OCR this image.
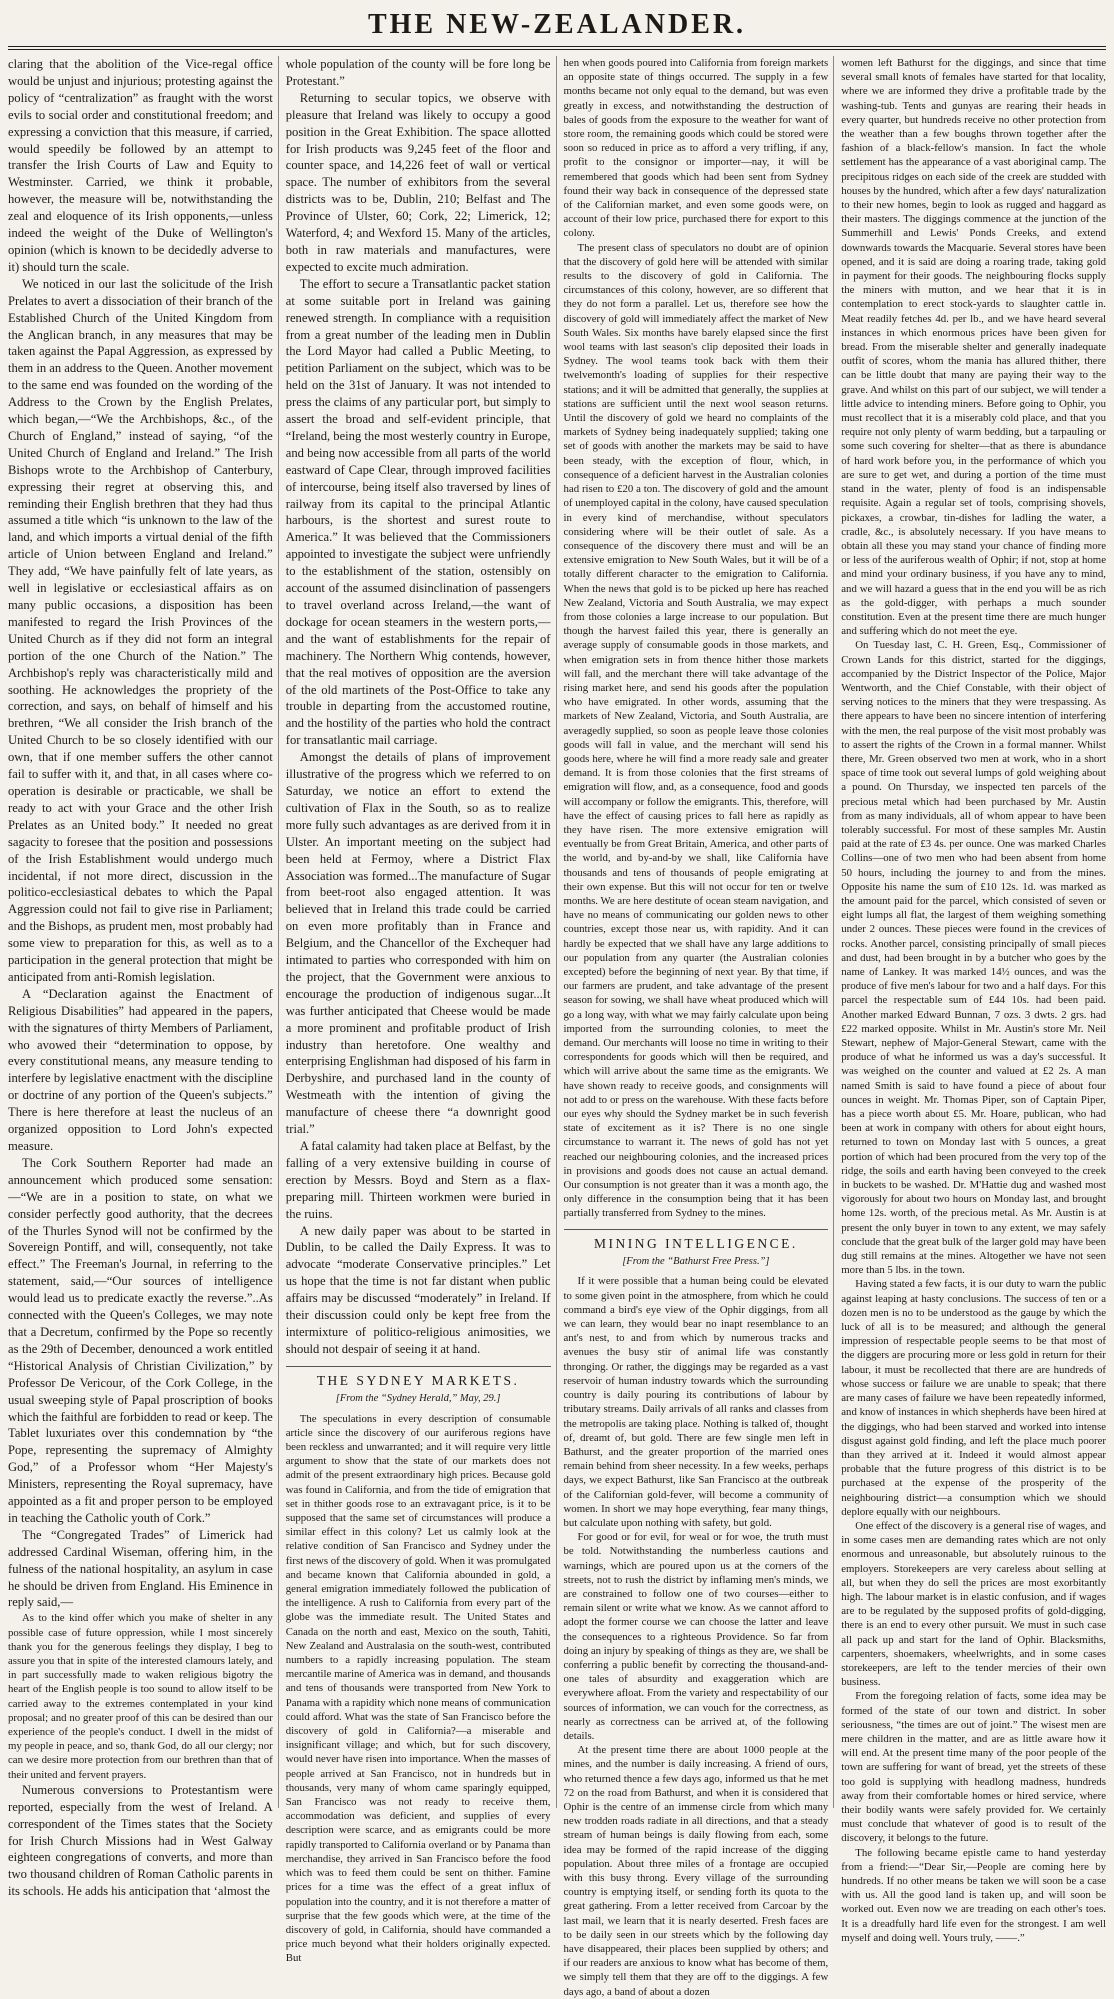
THE NEW-ZEALANDER.

claring that the abolition of the Vice-regal office would be unjust and injurious; protesting against the policy of “centralization” as fraught with the worst evils to social order and constitutional freedom; and expressing a conviction that this measure, if carried, would speedily be followed by an attempt to transfer the Irish Courts of Law and Equity to Westminster. Carried, we think it probable, however, the measure will be, notwithstanding the zeal and eloquence of its Irish opponents,—unless indeed the weight of the Duke of Wellington's opinion (which is known to be decidedly adverse to it) should turn the scale.

We noticed in our last the solicitude of the Irish Prelates to avert a dissociation of their branch of the Established Church of the United Kingdom from the Anglican branch, in any measures that may be taken against the Papal Aggression, as expressed by them in an address to the Queen. Another movement to the same end was founded on the wording of the Address to the Crown by the English Prelates, which began,—“We the Archbishops, &c., of the Church of England,” instead of saying, “of the United Church of England and Ireland.” The Irish Bishops wrote to the Archbishop of Canterbury, expressing their regret at observing this, and reminding their English brethren that they had thus assumed a title which “is unknown to the law of the land, and which imports a virtual denial of the fifth article of Union between England and Ireland.” They add, “We have painfully felt of late years, as well in legislative or ecclesiastical affairs as on many public occasions, a disposition has been manifested to regard the Irish Provinces of the United Church as if they did not form an integral portion of the one Church of the Nation.” The Archbishop's reply was characteristically mild and soothing. He acknowledges the propriety of the correction, and says, on behalf of himself and his brethren, “We all consider the Irish branch of the United Church to be so closely identified with our own, that if one member suffers the other cannot fail to suffer with it, and that, in all cases where co-operation is desirable or practicable, we shall be ready to act with your Grace and the other Irish Prelates as an United body.” It needed no great sagacity to foresee that the position and possessions of the Irish Establishment would undergo much incidental, if not more direct, discussion in the politico-ecclesiastical debates to which the Papal Aggression could not fail to give rise in Parliament; and the Bishops, as prudent men, most probably had some view to preparation for this, as well as to a participation in the general protection that might be anticipated from anti-Romish legislation.

A “Declaration against the Enactment of Religious Disabilities” had appeared in the papers, with the signatures of thirty Members of Parliament, who avowed their “determination to oppose, by every constitutional means, any measure tending to interfere by legislative enactment with the discipline or doctrine of any portion of the Queen's subjects.” There is here therefore at least the nucleus of an organized opposition to Lord John's expected measure.

The Cork Southern Reporter had made an announcement which produced some sensation:—“We are in a position to state, on what we consider perfectly good authority, that the decrees of the Thurles Synod will not be confirmed by the Sovereign Pontiff, and will, consequently, not take effect.” The Freeman's Journal, in referring to the statement, said,—“Our sources of intelligence would lead us to predicate exactly the reverse.”..As connected with the Queen's Colleges, we may note that a Decretum, confirmed by the Pope so recently as the 29th of December, denounced a work entitled “Historical Analysis of Christian Civilization,” by Professor De Vericour, of the Cork College, in the usual sweeping style of Papal proscription of books which the faithful are forbidden to read or keep. The Tablet luxuriates over this condemnation by “the Pope, representing the supremacy of Almighty God,” of a Professor whom “Her Majesty's Ministers, representing the Royal supremacy, have appointed as a fit and proper person to be employed in teaching the Catholic youth of Cork.”

The “Congregated Trades” of Limerick had addressed Cardinal Wiseman, offering him, in the fulness of the national hospitality, an asylum in case he should be driven from England. His Eminence in reply said,—

As to the kind offer which you make of shelter in any possible case of future oppression, while I most sincerely thank you for the generous feelings they display, I beg to assure you that in spite of the interested clamours lately, and in part successfully made to waken religious bigotry the heart of the English people is too sound to allow itself to be carried away to the extremes contemplated in your kind proposal; and no greater proof of this can be desired than our experience of the people's conduct. I dwell in the midst of my people in peace, and so, thank God, do all our clergy; nor can we desire more protection from our brethren than that of their united and fervent prayers.

Numerous conversions to Protestantism were reported, especially from the west of Ireland. A correspondent of the Times states that the Society for Irish Church Missions had in West Galway eighteen congregations of converts, and more than two thousand children of Roman Catholic parents in its schools. He adds his anticipation that ‘almost the

whole population of the county will be fore long be Protestant.”

Returning to secular topics, we observe with pleasure that Ireland was likely to occupy a good position in the Great Exhibition. The space allotted for Irish products was 9,245 feet of the floor and counter space, and 14,226 feet of wall or vertical space. The number of exhibitors from the several districts was to be, Dublin, 210; Belfast and The Province of Ulster, 60; Cork, 22; Limerick, 12; Waterford, 4; and Wexford 15. Many of the articles, both in raw materials and manufactures, were expected to excite much admiration.

The effort to secure a Transatlantic packet station at some suitable port in Ireland was gaining renewed strength. In compliance with a requisition from a great number of the leading men in Dublin the Lord Mayor had called a Public Meeting, to petition Parliament on the subject, which was to be held on the 31st of January. It was not intended to press the claims of any particular port, but simply to assert the broad and self-evident principle, that “Ireland, being the most westerly country in Europe, and being now accessible from all parts of the world eastward of Cape Clear, through improved facilities of intercourse, being itself also traversed by lines of railway from its capital to the principal Atlantic harbours, is the shortest and surest route to America.” It was believed that the Commissioners appointed to investigate the subject were unfriendly to the establishment of the station, ostensibly on account of the assumed disinclination of passengers to travel overland across Ireland,—the want of dockage for ocean steamers in the western ports,—and the want of establishments for the repair of machinery. The Northern Whig contends, however, that the real motives of opposition are the aversion of the old martinets of the Post-Office to take any trouble in departing from the accustomed routine, and the hostility of the parties who hold the contract for transatlantic mail carriage.

Amongst the details of plans of improvement illustrative of the progress which we referred to on Saturday, we notice an effort to extend the cultivation of Flax in the South, so as to realize more fully such advantages as are derived from it in Ulster. An important meeting on the subject had been held at Fermoy, where a District Flax Association was formed...The manufacture of Sugar from beet-root also engaged attention. It was believed that in Ireland this trade could be carried on even more profitably than in France and Belgium, and the Chancellor of the Exchequer had intimated to parties who corresponded with him on the project, that the Government were anxious to encourage the production of indigenous sugar...It was further anticipated that Cheese would be made a more prominent and profitable product of Irish industry than heretofore. One wealthy and enterprising Englishman had disposed of his farm in Derbyshire, and purchased land in the county of Westmeath with the intention of giving the manufacture of cheese there “a downright good trial.”

A fatal calamity had taken place at Belfast, by the falling of a very extensive building in course of erection by Messrs. Boyd and Stern as a flax-preparing mill. Thirteen workmen were buried in the ruins.

A new daily paper was about to be started in Dublin, to be called the Daily Express. It was to advocate “moderate Conservative principles.” Let us hope that the time is not far distant when public affairs may be discussed “moderately” in Ireland. If their discussion could only be kept free from the intermixture of politico-religious animosities, we should not despair of seeing it at hand.

THE SYDNEY MARKETS.
[From the “Sydney Herald,” May, 29.]

The speculations in every description of consumable article since the discovery of our auriferous regions have been reckless and unwarranted; and it will require very little argument to show that the state of our markets does not admit of the present extraordinary high prices. Because gold was found in California, and from the tide of emigration that set in thither goods rose to an extravagant price, is it to be supposed that the same set of circumstances will produce a similar effect in this colony? Let us calmly look at the relative condition of San Francisco and Sydney under the first news of the discovery of gold. When it was promulgated and became known that California abounded in gold, a general emigration immediately followed the publication of the intelligence. A rush to California from every part of the globe was the immediate result. The United States and Canada on the north and east, Mexico on the south, Tahiti, New Zealand and Australasia on the south-west, contributed numbers to a rapidly increasing population. The steam mercantile marine of America was in demand, and thousands and tens of thousands were transported from New York to Panama with a rapidity which none means of communication could afford. What was the state of San Francisco before the discovery of gold in California?—a miserable and insignificant village; and which, but for such discovery, would never have risen into importance. When the masses of people arrived at San Francisco, not in hundreds but in thousands, very many of whom came sparingly equipped, San Francisco was not ready to receive them, accommodation was deficient, and supplies of every description were scarce, and as emigrants could be more rapidly transported to California overland or by Panama than merchandise, they arrived in San Francisco before the food which was to feed them could be sent on thither. Famine prices for a time was the effect of a great influx of population into the country, and it is not therefore a matter of surprise that the few goods which were, at the time of the discovery of gold, in California, should have commanded a price much beyond what their holders originally expected. But

hen when goods poured into California from foreign markets an opposite state of things occurred. The supply in a few months became not only equal to the demand, but was even greatly in excess, and notwithstanding the destruction of bales of goods from the exposure to the weather for want of store room, the remaining goods which could be stored were soon so reduced in price as to afford a very trifling, if any, profit to the consignor or importer—nay, it will be remembered that goods which had been sent from Sydney found their way back in consequence of the depressed state of the Californian market, and even some goods were, on account of their low price, purchased there for export to this colony.

The present class of speculators no doubt are of opinion that the discovery of gold here will be attended with similar results to the discovery of gold in California. The circumstances of this colony, however, are so different that they do not form a parallel. Let us, therefore see how the discovery of gold will immediately affect the market of New South Wales. Six months have barely elapsed since the first wool teams with last season's clip deposited their loads in Sydney. The wool teams took back with them their twelvemonth's loading of supplies for their respective stations; and it will be admitted that generally, the supplies at stations are sufficient until the next wool season returns. Until the discovery of gold we heard no complaints of the markets of Sydney being inadequately supplied; taking one set of goods with another the markets may be said to have been steady, with the exception of flour, which, in consequence of a deficient harvest in the Australian colonies had risen to £20 a ton. The discovery of gold and the amount of unemployed capital in the colony, have caused speculation in every kind of merchandise, without speculators considering where will be their outlet of sale. As a consequence of the discovery there must and will be an extensive emigration to New South Wales, but it will be of a totally different character to the emigration to California. When the news that gold is to be picked up here has reached New Zealand, Victoria and South Australia, we may expect from those colonies a large increase to our population. But though the harvest failed this year, there is generally an average supply of consumable goods in those markets, and when emigration sets in from thence hither those markets will fall, and the merchant there will take advantage of the rising market here, and send his goods after the population who have emigrated. In other words, assuming that the markets of New Zealand, Victoria, and South Australia, are averagedly supplied, so soon as people leave those colonies goods will fall in value, and the merchant will send his goods here, where he will find a more ready sale and greater demand. It is from those colonies that the first streams of emigration will flow, and, as a consequence, food and goods will accompany or follow the emigrants. This, therefore, will have the effect of causing prices to fall here as rapidly as they have risen. The more extensive emigration will eventually be from Great Britain, America, and other parts of the world, and by-and-by we shall, like California have thousands and tens of thousands of people emigrating at their own expense. But this will not occur for ten or twelve months. We are here destitute of ocean steam navigation, and have no means of communicating our golden news to other countries, except those near us, with rapidity. And it can hardly be expected that we shall have any large additions to our population from any quarter (the Australian colonies excepted) before the beginning of next year. By that time, if our farmers are prudent, and take advantage of the present season for sowing, we shall have wheat produced which will go a long way, with what we may fairly calculate upon being imported from the surrounding colonies, to meet the demand. Our merchants will loose no time in writing to their correspondents for goods which will then be required, and which will arrive about the same time as the emigrants. We have shown ready to receive goods, and consignments will not add to or press on the warehouse. With these facts before our eyes why should the Sydney market be in such feverish state of excitement as it is? There is no one single circumstance to warrant it. The news of gold has not yet reached our neighbouring colonies, and the increased prices in provisions and goods does not cause an actual demand. Our consumption is not greater than it was a month ago, the only difference in the consumption being that it has been partially transferred from Sydney to the mines.

MINING INTELLIGENCE.
[From the “Bathurst Free Press.”]

If it were possible that a human being could be elevated to some given point in the atmosphere, from which he could command a bird's eye view of the Ophir diggings, from all we can learn, they would bear no inapt resemblance to an ant's nest, to and from which by numerous tracks and avenues the busy stir of animal life was constantly thronging. Or rather, the diggings may be regarded as a vast reservoir of human industry towards which the surrounding country is daily pouring its contributions of labour by tributary streams. Daily arrivals of all ranks and classes from the metropolis are taking place. Nothing is talked of, thought of, dreamt of, but gold. There are few single men left in Bathurst, and the greater proportion of the married ones remain behind from sheer necessity. In a few weeks, perhaps days, we expect Bathurst, like San Francisco at the outbreak of the Californian gold-fever, will become a community of women. In short we may hope everything, fear many things, but calculate upon nothing with safety, but gold.

For good or for evil, for weal or for woe, the truth must be told. Notwithstanding the numberless cautions and warnings, which are poured upon us at the corners of the streets, not to rush the district by inflaming men's minds, we are constrained to follow one of two courses—either to remain silent or write what we know. As we cannot afford to adopt the former course we can choose the latter and leave the consequences to a righteous Providence. So far from doing an injury by speaking of things as they are, we shall be conferring a public benefit by correcting the thousand-and-one tales of absurdity and exaggeration which are everywhere afloat. From the variety and respectability of our sources of information, we can vouch for the correctness, as nearly as correctness can be arrived at, of the following details.

At the present time there are about 1000 people at the mines, and the number is daily increasing. A friend of ours, who returned thence a few days ago, informed us that he met 72 on the road from Bathurst, and when it is considered that Ophir is the centre of an immense circle from which many new trodden roads radiate in all directions, and that a steady stream of human beings is daily flowing from each, some idea may be formed of the rapid increase of the digging population. About three miles of a frontage are occupied with this busy throng. Every village of the surrounding country is emptying itself, or sending forth its quota to the great gathering. From a letter received from Carcoar by the last mail, we learn that it is nearly deserted. Fresh faces are to be daily seen in our streets which by the following day have disappeared, their places been supplied by others; and if our readers are anxious to know what has become of them, we simply tell them that they are off to the diggings. A few days ago, a band of about a dozen

women left Bathurst for the diggings, and since that time several small knots of females have started for that locality, where we are informed they drive a profitable trade by the washing-tub. Tents and gunyas are rearing their heads in every quarter, but hundreds receive no other protection from the weather than a few boughs thrown together after the fashion of a black-fellow's mansion. In fact the whole settlement has the appearance of a vast aboriginal camp. The precipitous ridges on each side of the creek are studded with houses by the hundred, which after a few days' naturalization to their new homes, begin to look as rugged and haggard as their masters. The diggings commence at the junction of the Summerhill and Lewis' Ponds Creeks, and extend downwards towards the Macquarie. Several stores have been opened, and it is said are doing a roaring trade, taking gold in payment for their goods. The neighbouring flocks supply the miners with mutton, and we hear that it is in contemplation to erect stock-yards to slaughter cattle in. Meat readily fetches 4d. per lb., and we have heard several instances in which enormous prices have been given for bread. From the miserable shelter and generally inadequate outfit of scores, whom the mania has allured thither, there can be little doubt that many are paying their way to the grave. And whilst on this part of our subject, we will tender a little advice to intending miners. Before going to Ophir, you must recollect that it is a miserably cold place, and that you require not only plenty of warm bedding, but a tarpauling or some such covering for shelter—that as there is abundance of hard work before you, in the performance of which you are sure to get wet, and during a portion of the time must stand in the water, plenty of food is an indispensable requisite. Again a regular set of tools, comprising shovels, pickaxes, a crowbar, tin-dishes for ladling the water, a cradle, &c., is absolutely necessary. If you have means to obtain all these you may stand your chance of finding more or less of the auriferous wealth of Ophir; if not, stop at home and mind your ordinary business, if you have any to mind, and we will hazard a guess that in the end you will be as rich as the gold-digger, with perhaps a much sounder constitution. Even at the present time there are much hunger and suffering which do not meet the eye.

On Tuesday last, C. H. Green, Esq., Commissioner of Crown Lands for this district, started for the diggings, accompanied by the District Inspector of the Police, Major Wentworth, and the Chief Constable, with their object of serving notices to the miners that they were trespassing. As there appears to have been no sincere intention of interfering with the men, the real purpose of the visit most probably was to assert the rights of the Crown in a formal manner. Whilst there, Mr. Green observed two men at work, who in a short space of time took out several lumps of gold weighing about a pound. On Thursday, we inspected ten parcels of the precious metal which had been purchased by Mr. Austin from as many individuals, all of whom appear to have been tolerably successful. For most of these samples Mr. Austin paid at the rate of £3 4s. per ounce. One was marked Charles Collins—one of two men who had been absent from home 50 hours, including the journey to and from the mines. Opposite his name the sum of £10 12s. 1d. was marked as the amount paid for the parcel, which consisted of seven or eight lumps all flat, the largest of them weighing something under 2 ounces. These pieces were found in the crevices of rocks. Another parcel, consisting principally of small pieces and dust, had been brought in by a butcher who goes by the name of Lankey. It was marked 14½ ounces, and was the produce of five men's labour for two and a half days. For this parcel the respectable sum of £44 10s. had been paid. Another marked Edward Bunnan, 7 ozs. 3 dwts. 2 grs. had £22 marked opposite. Whilst in Mr. Austin's store Mr. Neil Stewart, nephew of Major-General Stewart, came with the produce of what he informed us was a day's successful. It was weighed on the counter and valued at £2 2s. A man named Smith is said to have found a piece of about four ounces in weight. Mr. Thomas Piper, son of Captain Piper, has a piece worth about £5. Mr. Hoare, publican, who had been at work in company with others for about eight hours, returned to town on Monday last with 5 ounces, a great portion of which had been procured from the very top of the ridge, the soils and earth having been conveyed to the creek in buckets to be washed. Dr. M'Hattie dug and washed most vigorously for about two hours on Monday last, and brought home 12s. worth, of the precious metal. As Mr. Austin is at present the only buyer in town to any extent, we may safely conclude that the great bulk of the larger gold may have been dug still remains at the mines. Altogether we have not seen more than 5 lbs. in the town.

Having stated a few facts, it is our duty to warn the public against leaping at hasty conclusions. The success of ten or a dozen men is no to be understood as the gauge by which the luck of all is to be measured; and although the general impression of respectable people seems to be that most of the diggers are procuring more or less gold in return for their labour, it must be recollected that there are are hundreds of whose success or failure we are unable to speak; that there are many cases of failure we have been repeatedly informed, and know of instances in which shepherds have been hired at the diggings, who had been starved and worked into intense disgust against gold finding, and left the place much poorer than they arrived at it. Indeed it would almost appear probable that the future progress of this district is to be purchased at the expense of the prosperity of the neighbouring district—a consumption which we should deplore equally with our neighbours.

One effect of the discovery is a general rise of wages, and in some cases men are demanding rates which are not only enormous and unreasonable, but absolutely ruinous to the employers. Storekeepers are very careless about selling at all, but when they do sell the prices are most exorbitantly high. The labour market is in elastic confusion, and if wages are to be regulated by the supposed profits of gold-digging, there is an end to every other pursuit. We must in such case all pack up and start for the land of Ophir. Blacksmiths, carpenters, shoemakers, wheelwrights, and in some cases storekeepers, are left to the tender mercies of their own business.

From the foregoing relation of facts, some idea may be formed of the state of our town and district. In sober seriousness, “the times are out of joint.” The wisest men are mere children in the matter, and are as little aware how it will end. At the present time many of the poor people of the town are suffering for want of bread, yet the streets of these too gold is supplying with headlong madness, hundreds away from their comfortable homes or hired service, where their bodily wants were safely provided for. We certainly must conclude that whatever of good is to result of the discovery, it belongs to the future.

The following became epistle came to hand yesterday from a friend:—“Dear Sir,—People are coming here by hundreds. If no other means be taken we will soon be a case with us. All the good land is taken up, and will soon be worked out. Even now we are treading on each other's toes. It is a dreadfully hard life even for the strongest. I am well myself and doing well. Yours truly, ——.”
